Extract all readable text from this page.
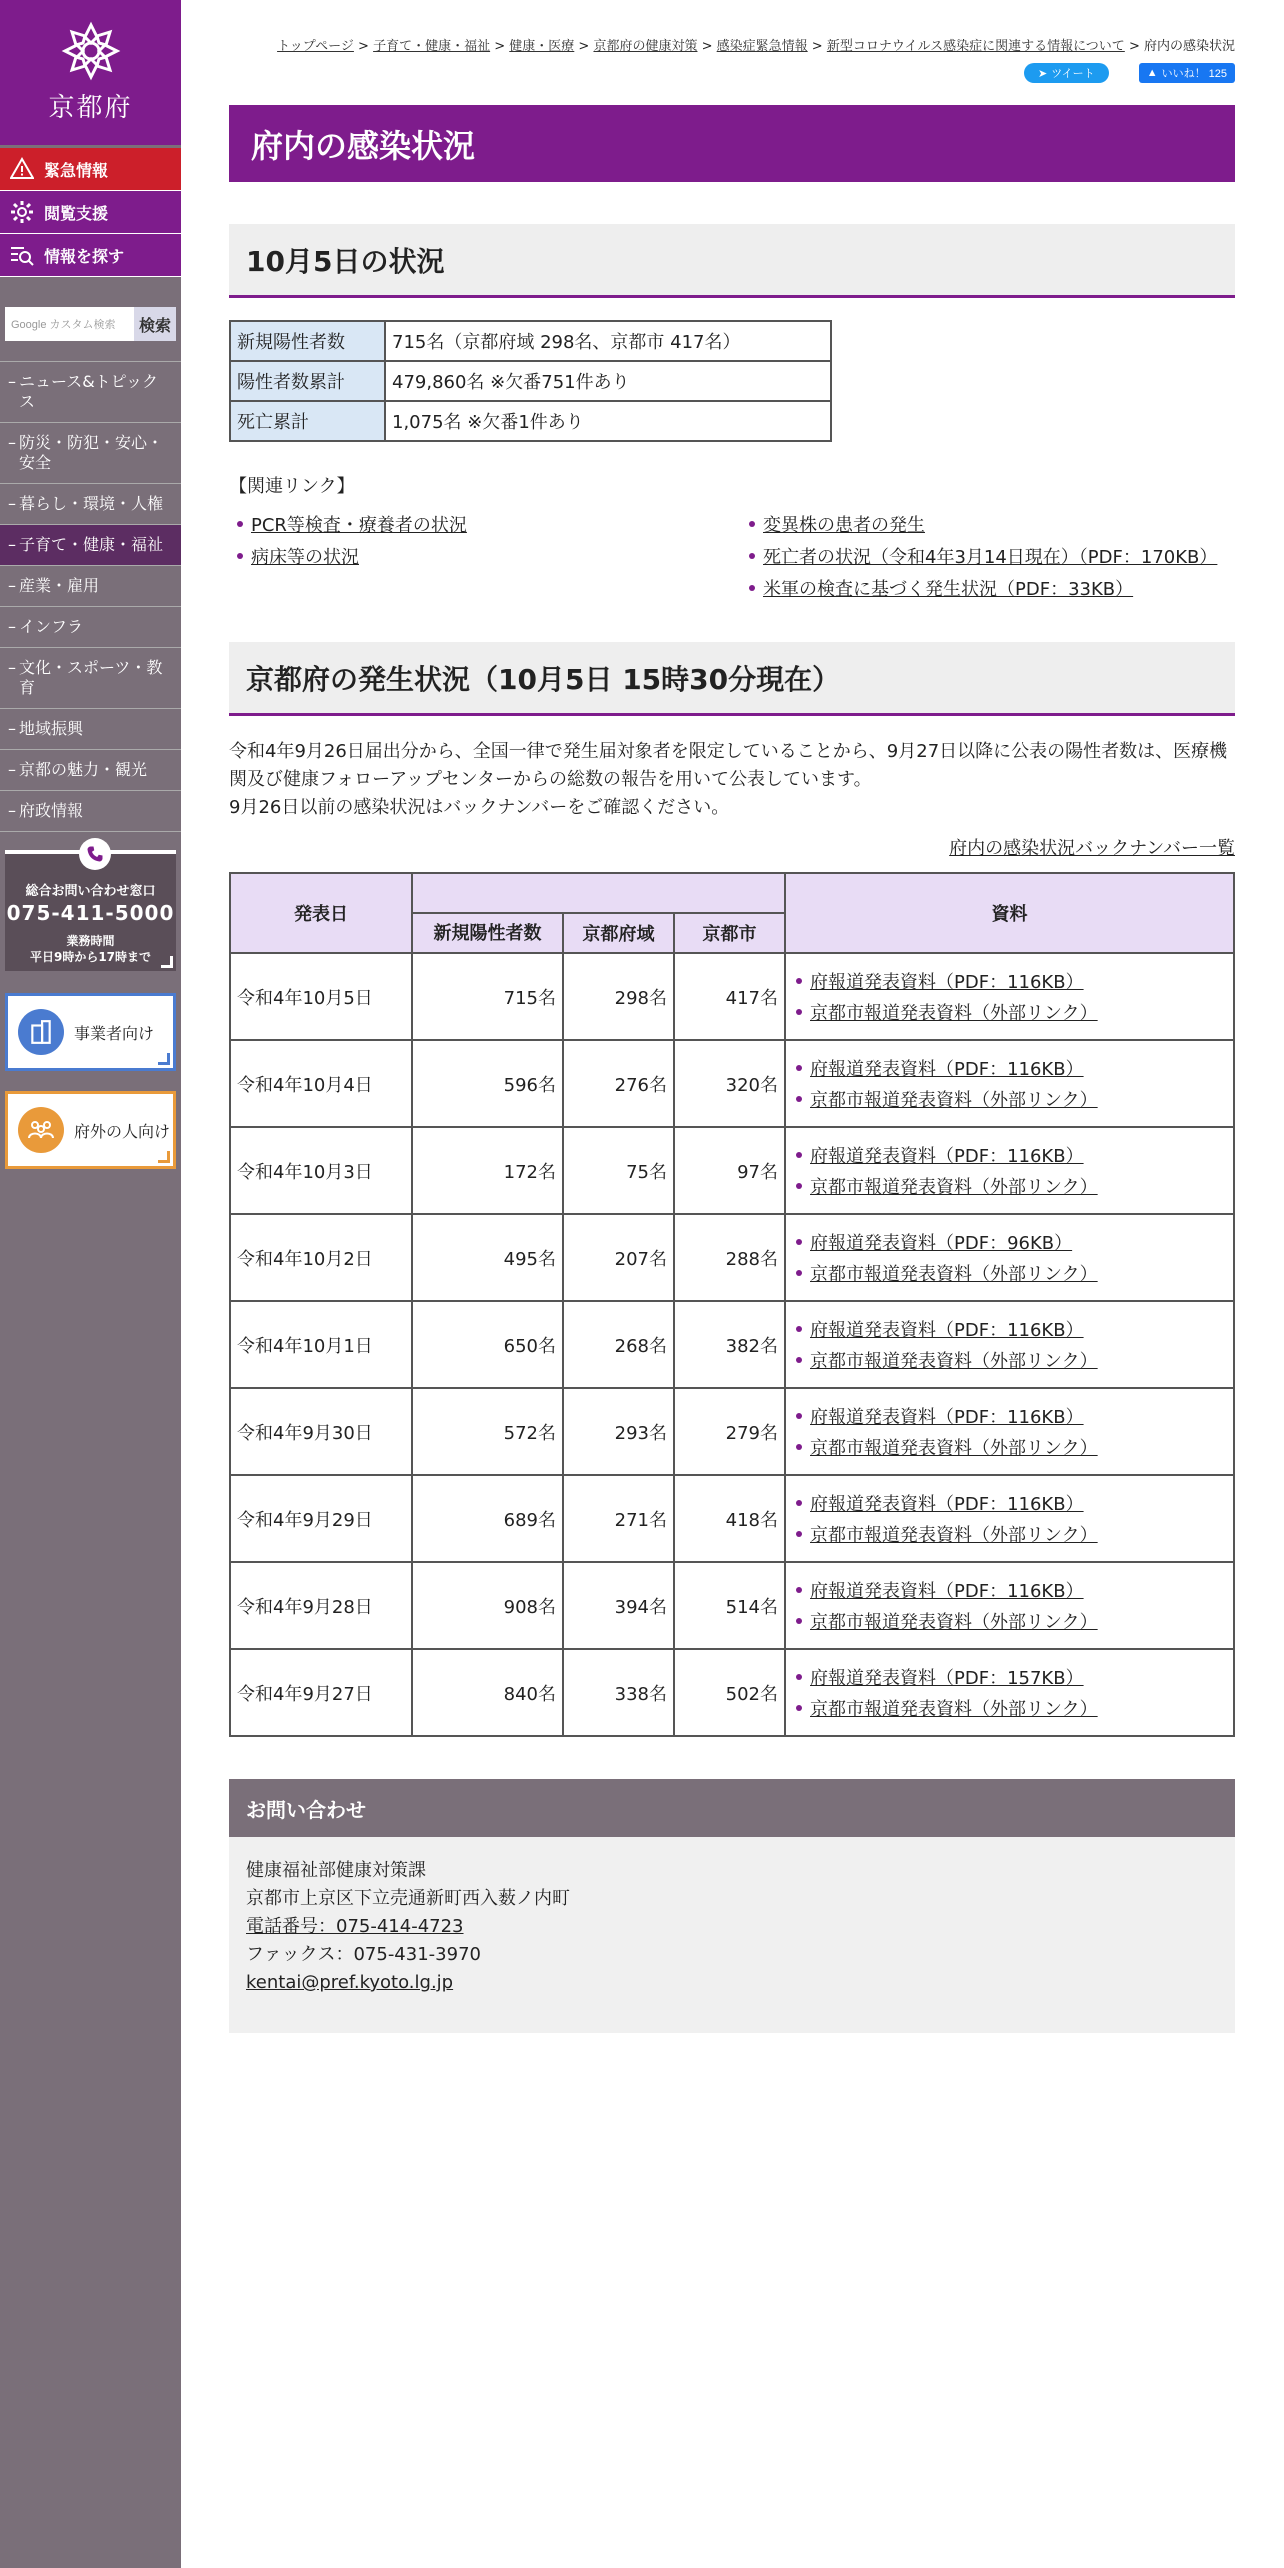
京都府
緊急情報
閲覧支援
情報を探す
Google カスタム検索	検索
– ニュース&トピックス
– 防災・防犯・安心・安全
– 暮らし・環境・人権
– 子育て・健康・福祉
– 産業・雇用
– インフラ
– 文化・スポーツ・教育
– 地域振興
– 京都の魅力・観光
– 府政情報
総合お問い合わせ窓口
075-411-5000
業務時間
平日9時から17時まで
事業者向け
府外の人向け
トップページ > 子育て・健康・福祉 > 健康・医療 > 京都府の健康対策 > 感染症緊急情報 > 新型コロナウイルス感染症に関連する情報について > 府内の感染状況
➤ ツイート	▲ いいね！ 125
府内の感染状況
10月5日の状況
新規陽性者数	715名（京都府域 298名、京都市 417名）
陽性者数累計	479,860名 ※欠番751件あり
死亡累計	1,075名 ※欠番1件あり
【関連リンク】
PCR等検査・療養者の状況	変異株の患者の発生
病床等の状況	死亡者の状況（令和4年3月14日現在）（PDF：170KB）
米軍の検査に基づく発生状況（PDF：33KB）
京都府の発生状況（10月5日 15時30分現在）
令和4年9月26日届出分から、全国一律で発生届対象者を限定していることから、9月27日以降に公表の陽性者数は、医療機関及び健康フォローアップセンターからの総数の報告を用いて公表しています。
9月26日以前の感染状況はバックナンバーをご確認ください。
府内の感染状況バックナンバー一覧
発表日				資料
	新規陽性者数	京都府域	京都市	
令和4年10月5日	715名	298名	417名	府報道発表資料（PDF：116KB）
京都市報道発表資料（外部リンク）

令和4年10月4日	596名	276名	320名	府報道発表資料（PDF：116KB）
京都市報道発表資料（外部リンク）

令和4年10月3日	172名	75名	97名	府報道発表資料（PDF：116KB）
京都市報道発表資料（外部リンク）

令和4年10月2日	495名	207名	288名	府報道発表資料（PDF：96KB）
京都市報道発表資料（外部リンク）

令和4年10月1日	650名	268名	382名	府報道発表資料（PDF：116KB）
京都市報道発表資料（外部リンク）

令和4年9月30日	572名	293名	279名	府報道発表資料（PDF：116KB）
京都市報道発表資料（外部リンク）

令和4年9月29日	689名	271名	418名	府報道発表資料（PDF：116KB）
京都市報道発表資料（外部リンク）

令和4年9月28日	908名	394名	514名	府報道発表資料（PDF：116KB）
京都市報道発表資料（外部リンク）

令和4年9月27日	840名	338名	502名	府報道発表資料（PDF：157KB）
京都市報道発表資料（外部リンク）
お問い合わせ
健康福祉部健康対策課
京都市上京区下立売通新町西入薮ノ内町
電話番号：075-414-4723
ファックス：075-431-3970
kentai@pref.kyoto.lg.jp
